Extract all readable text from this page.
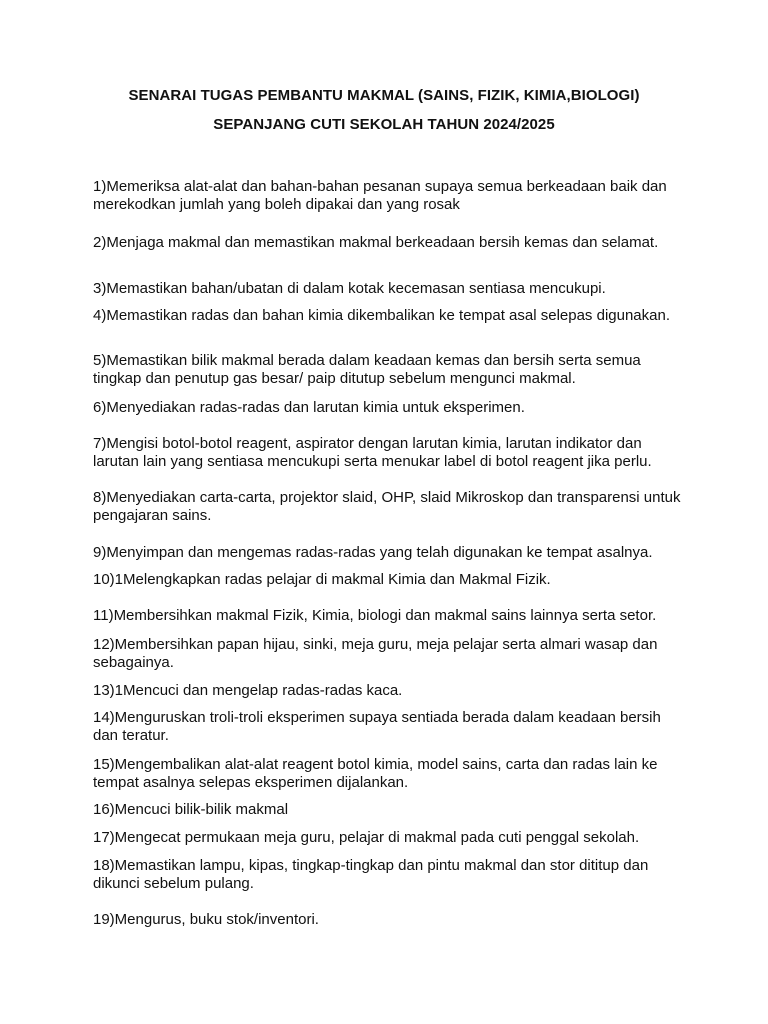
SENARAI TUGAS PEMBANTU MAKMAL (SAINS, FIZIK, KIMIA,BIOLOGI)

SEPANJANG CUTI SEKOLAH TAHUN 2024/2025

1)Memeriksa alat-alat dan bahan-bahan pesanan supaya semua berkeadaan baik dan merekodkan jumlah yang boleh dipakai dan yang rosak

2)Menjaga makmal dan memastikan makmal berkeadaan bersih kemas dan selamat.

3)Memastikan bahan/ubatan di dalam kotak kecemasan sentiasa mencukupi.

4)Memastikan radas dan bahan kimia dikembalikan ke tempat asal selepas digunakan.

5)Memastikan bilik makmal berada dalam keadaan kemas dan bersih serta semua tingkap dan penutup gas besar/ paip ditutup sebelum mengunci makmal.

6)Menyediakan radas-radas dan larutan kimia untuk eksperimen.

7)Mengisi botol-botol reagent, aspirator dengan larutan kimia, larutan indikator dan larutan lain yang sentiasa mencukupi serta menukar label di botol reagent jika perlu.

8)Menyediakan carta-carta, projektor slaid, OHP, slaid Mikroskop dan transparensi untuk pengajaran sains.

9)Menyimpan dan mengemas radas-radas yang telah digunakan ke tempat asalnya.

10)1Melengkapkan radas pelajar di makmal Kimia dan Makmal Fizik.

11)Membersihkan makmal Fizik, Kimia, biologi dan makmal sains lainnya serta setor.

12)Membersihkan papan hijau, sinki, meja guru, meja pelajar serta almari wasap dan sebagainya.

13)1Mencuci dan mengelap radas-radas kaca.

14)Menguruskan troli-troli eksperimen supaya sentiada berada dalam keadaan bersih dan teratur.

15)Mengembalikan alat-alat reagent botol kimia, model sains, carta dan radas lain ke tempat asalnya selepas eksperimen dijalankan.

16)Mencuci bilik-bilik makmal

17)Mengecat permukaan meja guru, pelajar di makmal pada cuti penggal sekolah.

18)Memastikan lampu, kipas, tingkap-tingkap dan pintu makmal dan stor dititup dan dikunci sebelum pulang.

19)Mengurus, buku stok/inventori.
